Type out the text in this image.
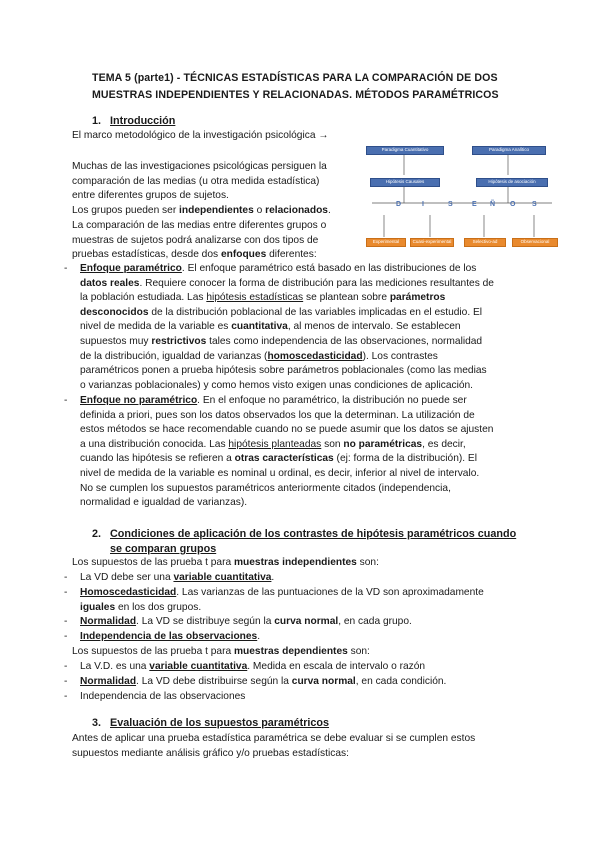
TEMA 5 (parte1) - TÉCNICAS ESTADÍSTICAS PARA LA COMPARACIÓN DE DOS
MUESTRAS INDEPENDIENTES Y RELACIONADAS. MÉTODOS PARAMÉTRICOS
1. Introducción
El marco metodológico de la investigación psicológica →
Muchas de las investigaciones psicológicas persiguen la
comparación de las medias (u otra medida estadística)
entre diferentes grupos de sujetos.
Los grupos pueden ser independientes o relacionados.
La comparación de las medias entre diferentes grupos o
muestras de sujetos podrá analizarse con dos tipos de
pruebas estadísticas, desde dos enfoques diferentes:
Paradigma Cuantitativo	Paradigma Analítico
Hipótesis Causales	Hipótesis de asociación
D	I	S	E Ñ O S
Experimental	Cuasi-experimental	Selectivo-ad	Observacional
- Enfoque paramétrico. El enfoque paramétrico está basado en las distribuciones de los
datos reales. Requiere conocer la forma de distribución para las mediciones resultantes de
la población estudiada. Las hipótesis estadísticas se plantean sobre parámetros
desconocidos de la distribución poblacional de las variables implicadas en el estudio. El
nivel de medida de la variable es cuantitativa, al menos de intervalo. Se establecen
supuestos muy restrictivos tales como independencia de las observaciones, normalidad
de la distribución, igualdad de varianzas (homoscedasticidad). Los contrastes
paramétricos ponen a prueba hipótesis sobre parámetros poblacionales (como las medias
o varianzas poblacionales) y como hemos visto exigen unas condiciones de aplicación.
- Enfoque no paramétrico. En el enfoque no paramétrico, la distribución no puede ser
definida a priori, pues son los datos observados los que la determinan. La utilización de
estos métodos se hace recomendable cuando no se puede asumir que los datos se ajusten
a una distribución conocida. Las hipótesis planteadas son no paramétricas, es decir,
cuando las hipótesis se refieren a otras características (ej: forma de la distribución). El
nivel de medida de la variable es nominal u ordinal, es decir, inferior al nivel de intervalo.
No se cumplen los supuestos paramétricos anteriormente citados (independencia,
normalidad e igualdad de varianzas).
2. Condiciones de aplicación de los contrastes de hipótesis paramétricos cuando
se comparan grupos
Los supuestos de las prueba t para muestras independientes son:
- La VD debe ser una variable cuantitativa.
- Homoscedasticidad. Las varianzas de las puntuaciones de la VD son aproximadamente
iguales en los dos grupos.
- Normalidad. La VD se distribuye según la curva normal, en cada grupo.
- Independencia de las observaciones.
Los supuestos de las prueba t para muestras dependientes son:
- La V.D. es una variable cuantitativa. Medida en escala de intervalo o razón
- Normalidad. La VD debe distribuirse según la curva normal, en cada condición.
- Independencia de las observaciones
3. Evaluación de los supuestos paramétricos
Antes de aplicar una prueba estadística paramétrica se debe evaluar si se cumplen estos
supuestos mediante análisis gráfico y/o pruebas estadísticas:
